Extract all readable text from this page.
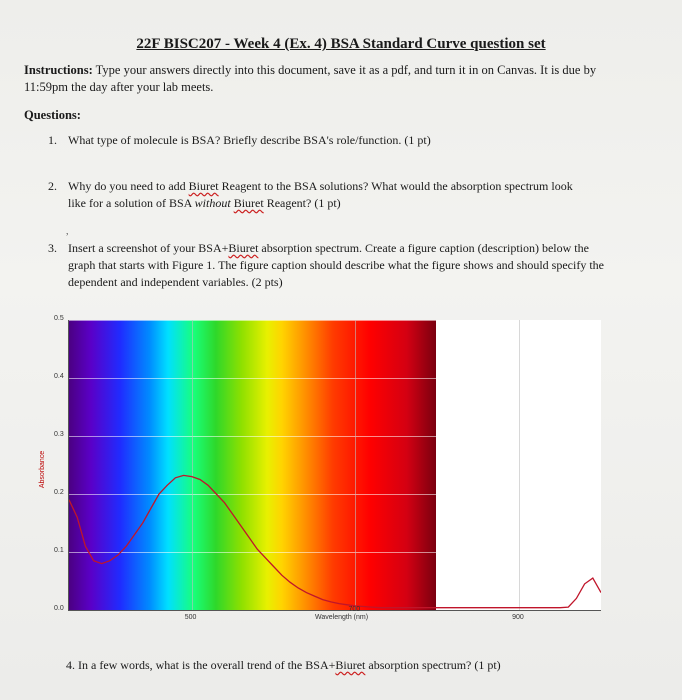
22F BISC207 - Week 4 (Ex. 4) BSA Standard Curve question set
Instructions: Type your answers directly into this document, save it as a pdf, and turn it in on Canvas. It is due by 11:59pm the day after your lab meets.
Questions:
1. What type of molecule is BSA? Briefly describe BSA's role/function. (1 pt)
2. Why do you need to add Biuret Reagent to the BSA solutions? What would the absorption spectrum look like for a solution of BSA without Biuret Reagent? (1 pt)
,
3. Insert a screenshot of your BSA+Biuret absorption spectrum. Create a figure caption (description) below the graph that starts with Figure 1. The figure caption should describe what the figure shows and should specify the dependent and independent variables. (2 pts)
Absorbance
Wavelength (nm)
0.0
0.1
0.2
0.3
0.4
0.5
500
700
900
4. In a few words, what is the overall trend of the BSA+Biuret absorption spectrum? (1 pt)
